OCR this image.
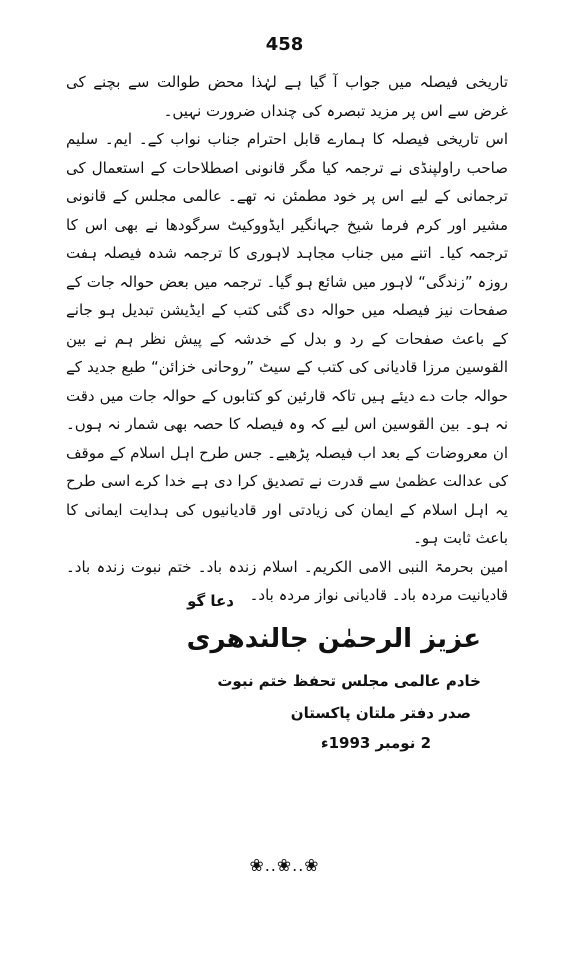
458

تاریخی فیصلہ میں جواب آ گیا ہے لہٰذا محض طوالت سے بچنے کی غرض سے اس پر مزید تبصرہ کی چنداں ضرورت نہیں۔

اس تاریخی فیصلہ کا ہمارے قابل احترام جناب نواب کے۔ ایم۔ سلیم صاحب راولپنڈی نے ترجمہ کیا مگر قانونی اصطلاحات کے استعمال کی ترجمانی کے لیے اس پر خود مطمئن نہ تھے۔ عالمی مجلس کے قانونی مشیر اور کرم فرما شیخ جہانگیر ایڈووکیٹ سرگودھا نے بھی اس کا ترجمہ کیا۔ اتنے میں جناب مجاہد لاہوری کا ترجمہ شدہ فیصلہ ہفت روزہ ”زندگی“ لاہور میں شائع ہو گیا۔ ترجمہ میں بعض حوالہ جات کے صفحات نیز فیصلہ میں حوالہ دی گئی کتب کے ایڈیشن تبدیل ہو جانے کے باعث صفحات کے رد و بدل کے خدشہ کے پیش نظر ہم نے بین القوسین مرزا قادیانی کی کتب کے سیٹ ”روحانی خزائن“ طبع جدید کے حوالہ جات دے دیئے ہیں تاکہ قارئین کو کتابوں کے حوالہ جات میں دقت نہ ہو۔ بین القوسین اس لیے کہ وہ فیصلہ کا حصہ بھی شمار نہ ہوں۔ ان معروضات کے بعد اب فیصلہ پڑھیے۔ جس طرح اہل اسلام کے موقف کی عدالت عظمیٰ سے قدرت نے تصدیق کرا دی ہے خدا کرے اسی طرح یہ اہل اسلام کے ایمان کی زیادتی اور قادیانیوں کی ہدایت ایمانی کا باعث ثابت ہو۔

امین بحرمۃ النبی الامی الکریم۔ اسلام زندہ باد۔ ختم نبوت زندہ باد۔ قادیانیت مردہ باد۔ قادیانی نواز مردہ باد۔

دعا گو
عزیز الرحمٰن جالندھری
خادم عالمی مجلس تحفظ ختم نبوت
صدر دفتر ملتان پاکستان
2 نومبر 1993ء
❀..❀..❀
